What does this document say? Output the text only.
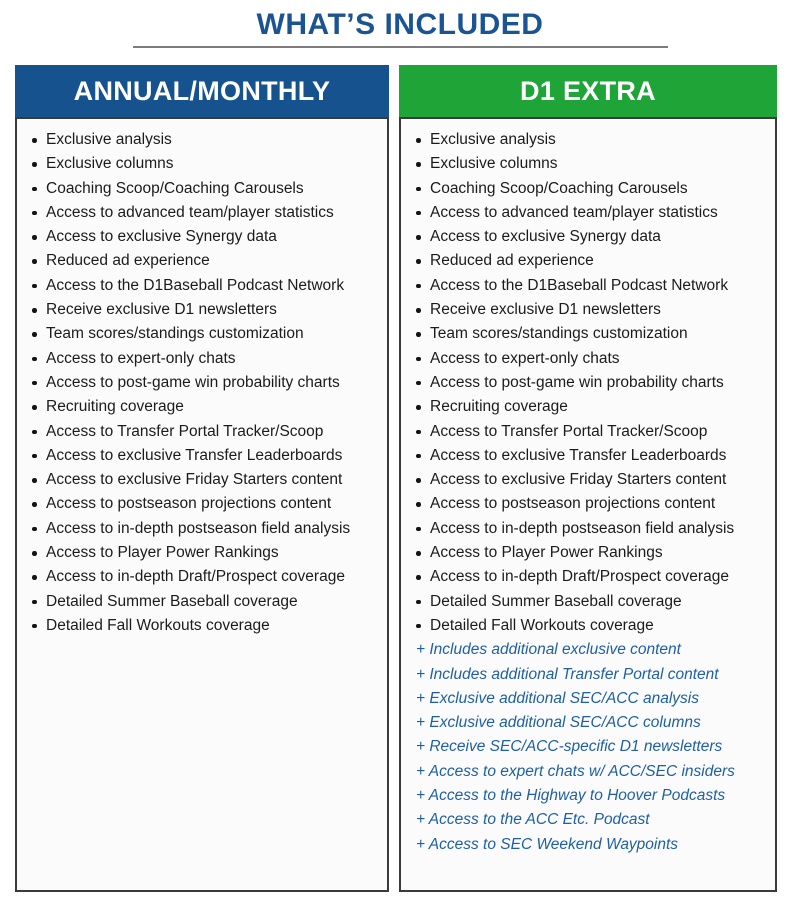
WHAT’S INCLUDED
ANNUAL/MONTHLY
Exclusive analysis
Exclusive columns
Coaching Scoop/Coaching Carousels
Access to advanced team/player statistics
Access to exclusive Synergy data
Reduced ad experience
Access to the D1Baseball Podcast Network
Receive exclusive D1 newsletters
Team scores/standings customization
Access to expert-only chats
Access to post-game win probability charts
Recruiting coverage
Access to Transfer Portal Tracker/Scoop
Access to exclusive Transfer Leaderboards
Access to exclusive Friday Starters content
Access to postseason projections content
Access to in-depth postseason field analysis
Access to Player Power Rankings
Access to in-depth Draft/Prospect coverage
Detailed Summer Baseball coverage
Detailed Fall Workouts coverage
D1 EXTRA
Exclusive analysis
Exclusive columns
Coaching Scoop/Coaching Carousels
Access to advanced team/player statistics
Access to exclusive Synergy data
Reduced ad experience
Access to the D1Baseball Podcast Network
Receive exclusive D1 newsletters
Team scores/standings customization
Access to expert-only chats
Access to post-game win probability charts
Recruiting coverage
Access to Transfer Portal Tracker/Scoop
Access to exclusive Transfer Leaderboards
Access to exclusive Friday Starters content
Access to postseason projections content
Access to in-depth postseason field analysis
Access to Player Power Rankings
Access to in-depth Draft/Prospect coverage
Detailed Summer Baseball coverage
Detailed Fall Workouts coverage
+ Includes additional exclusive content
+ Includes additional Transfer Portal content
+ Exclusive additional SEC/ACC analysis
+ Exclusive additional SEC/ACC columns
+ Receive SEC/ACC-specific D1 newsletters
+ Access to expert chats w/ ACC/SEC insiders
+ Access to the Highway to Hoover Podcasts
+ Access to the ACC Etc. Podcast
+ Access to SEC Weekend Waypoints
